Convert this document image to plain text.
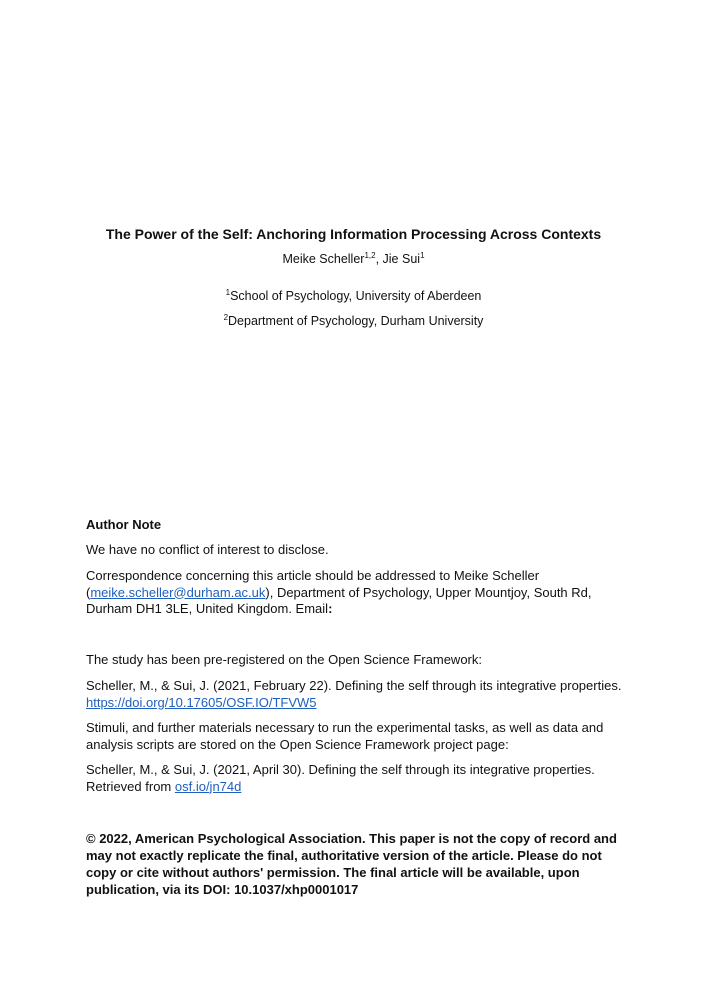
The Power of the Self: Anchoring Information Processing Across Contexts
Meike Scheller$^{1,2}$, Jie Sui$^1$
$^1$School of Psychology, University of Aberdeen
$^2$Department of Psychology, Durham University
Author Note
We have no conflict of interest to disclose.
Correspondence concerning this article should be addressed to Meike Scheller (meike.scheller@durham.ac.uk), Department of Psychology, Upper Mountjoy, South Rd, Durham DH1 3LE, United Kingdom. Email:
The study has been pre-registered on the Open Science Framework:
Scheller, M., & Sui, J. (2021, February 22). Defining the self through its integrative properties. https://doi.org/10.17605/OSF.IO/TFVW5
Stimuli, and further materials necessary to run the experimental tasks, as well as data and analysis scripts are stored on the Open Science Framework project page:
Scheller, M., & Sui, J. (2021, April 30). Defining the self through its integrative properties. Retrieved from osf.io/jn74d
© 2022, American Psychological Association. This paper is not the copy of record and may not exactly replicate the final, authoritative version of the article. Please do not copy or cite without authors' permission. The final article will be available, upon publication, via its DOI: 10.1037/xhp0001017
